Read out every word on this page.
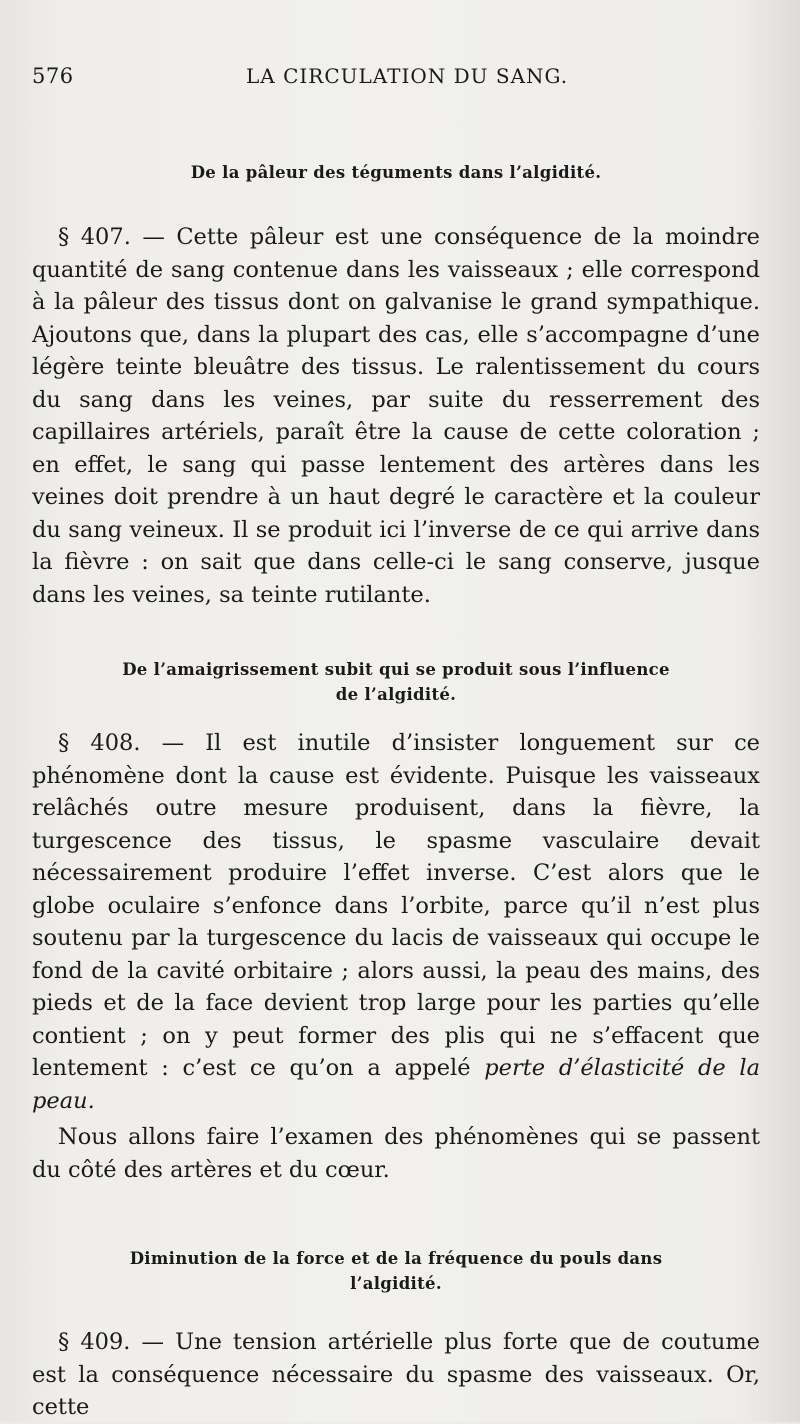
576	LA CIRCULATION DU SANG.
De la pâleur des téguments dans l’algidité.

§ 407. — Cette pâleur est une conséquence de la moindre quantité de sang contenue dans les vaisseaux ; elle correspond à la pâleur des tissus dont on galvanise le grand sympathique. Ajoutons que, dans la plupart des cas, elle s’accompagne d’une légère teinte bleuâtre des tissus. Le ralentissement du cours du sang dans les veines, par suite du resserrement des capillaires artériels, paraît être la cause de cette coloration ; en effet, le sang qui passe lentement des artères dans les veines doit prendre à un haut degré le caractère et la couleur du sang veineux. Il se produit ici l’inverse de ce qui arrive dans la fièvre : on sait que dans celle-ci le sang conserve, jusque dans les veines, sa teinte rutilante.

De l’amaigrissement subit qui se produit sous l’influence
de l’algidité.

§ 408. — Il est inutile d’insister longuement sur ce phénomène dont la cause est évidente. Puisque les vaisseaux relâchés outre mesure produisent, dans la fièvre, la turgescence des tissus, le spasme vasculaire devait nécessairement produire l’effet inverse. C’est alors que le globe oculaire s’enfonce dans l’orbite, parce qu’il n’est plus soutenu par la turgescence du lacis de vaisseaux qui occupe le fond de la cavité orbitaire ; alors aussi, la peau des mains, des pieds et de la face devient trop large pour les parties qu’elle contient ; on y peut former des plis qui ne s’effacent que lentement : c’est ce qu’on a appelé perte d’élasticité de la peau.

Nous allons faire l’examen des phénomènes qui se passent du côté des artères et du cœur.

Diminution de la force et de la fréquence du pouls dans
l’algidité.

§ 409. — Une tension artérielle plus forte que de coutume est la conséquence nécessaire du spasme des vaisseaux. Or, cette
